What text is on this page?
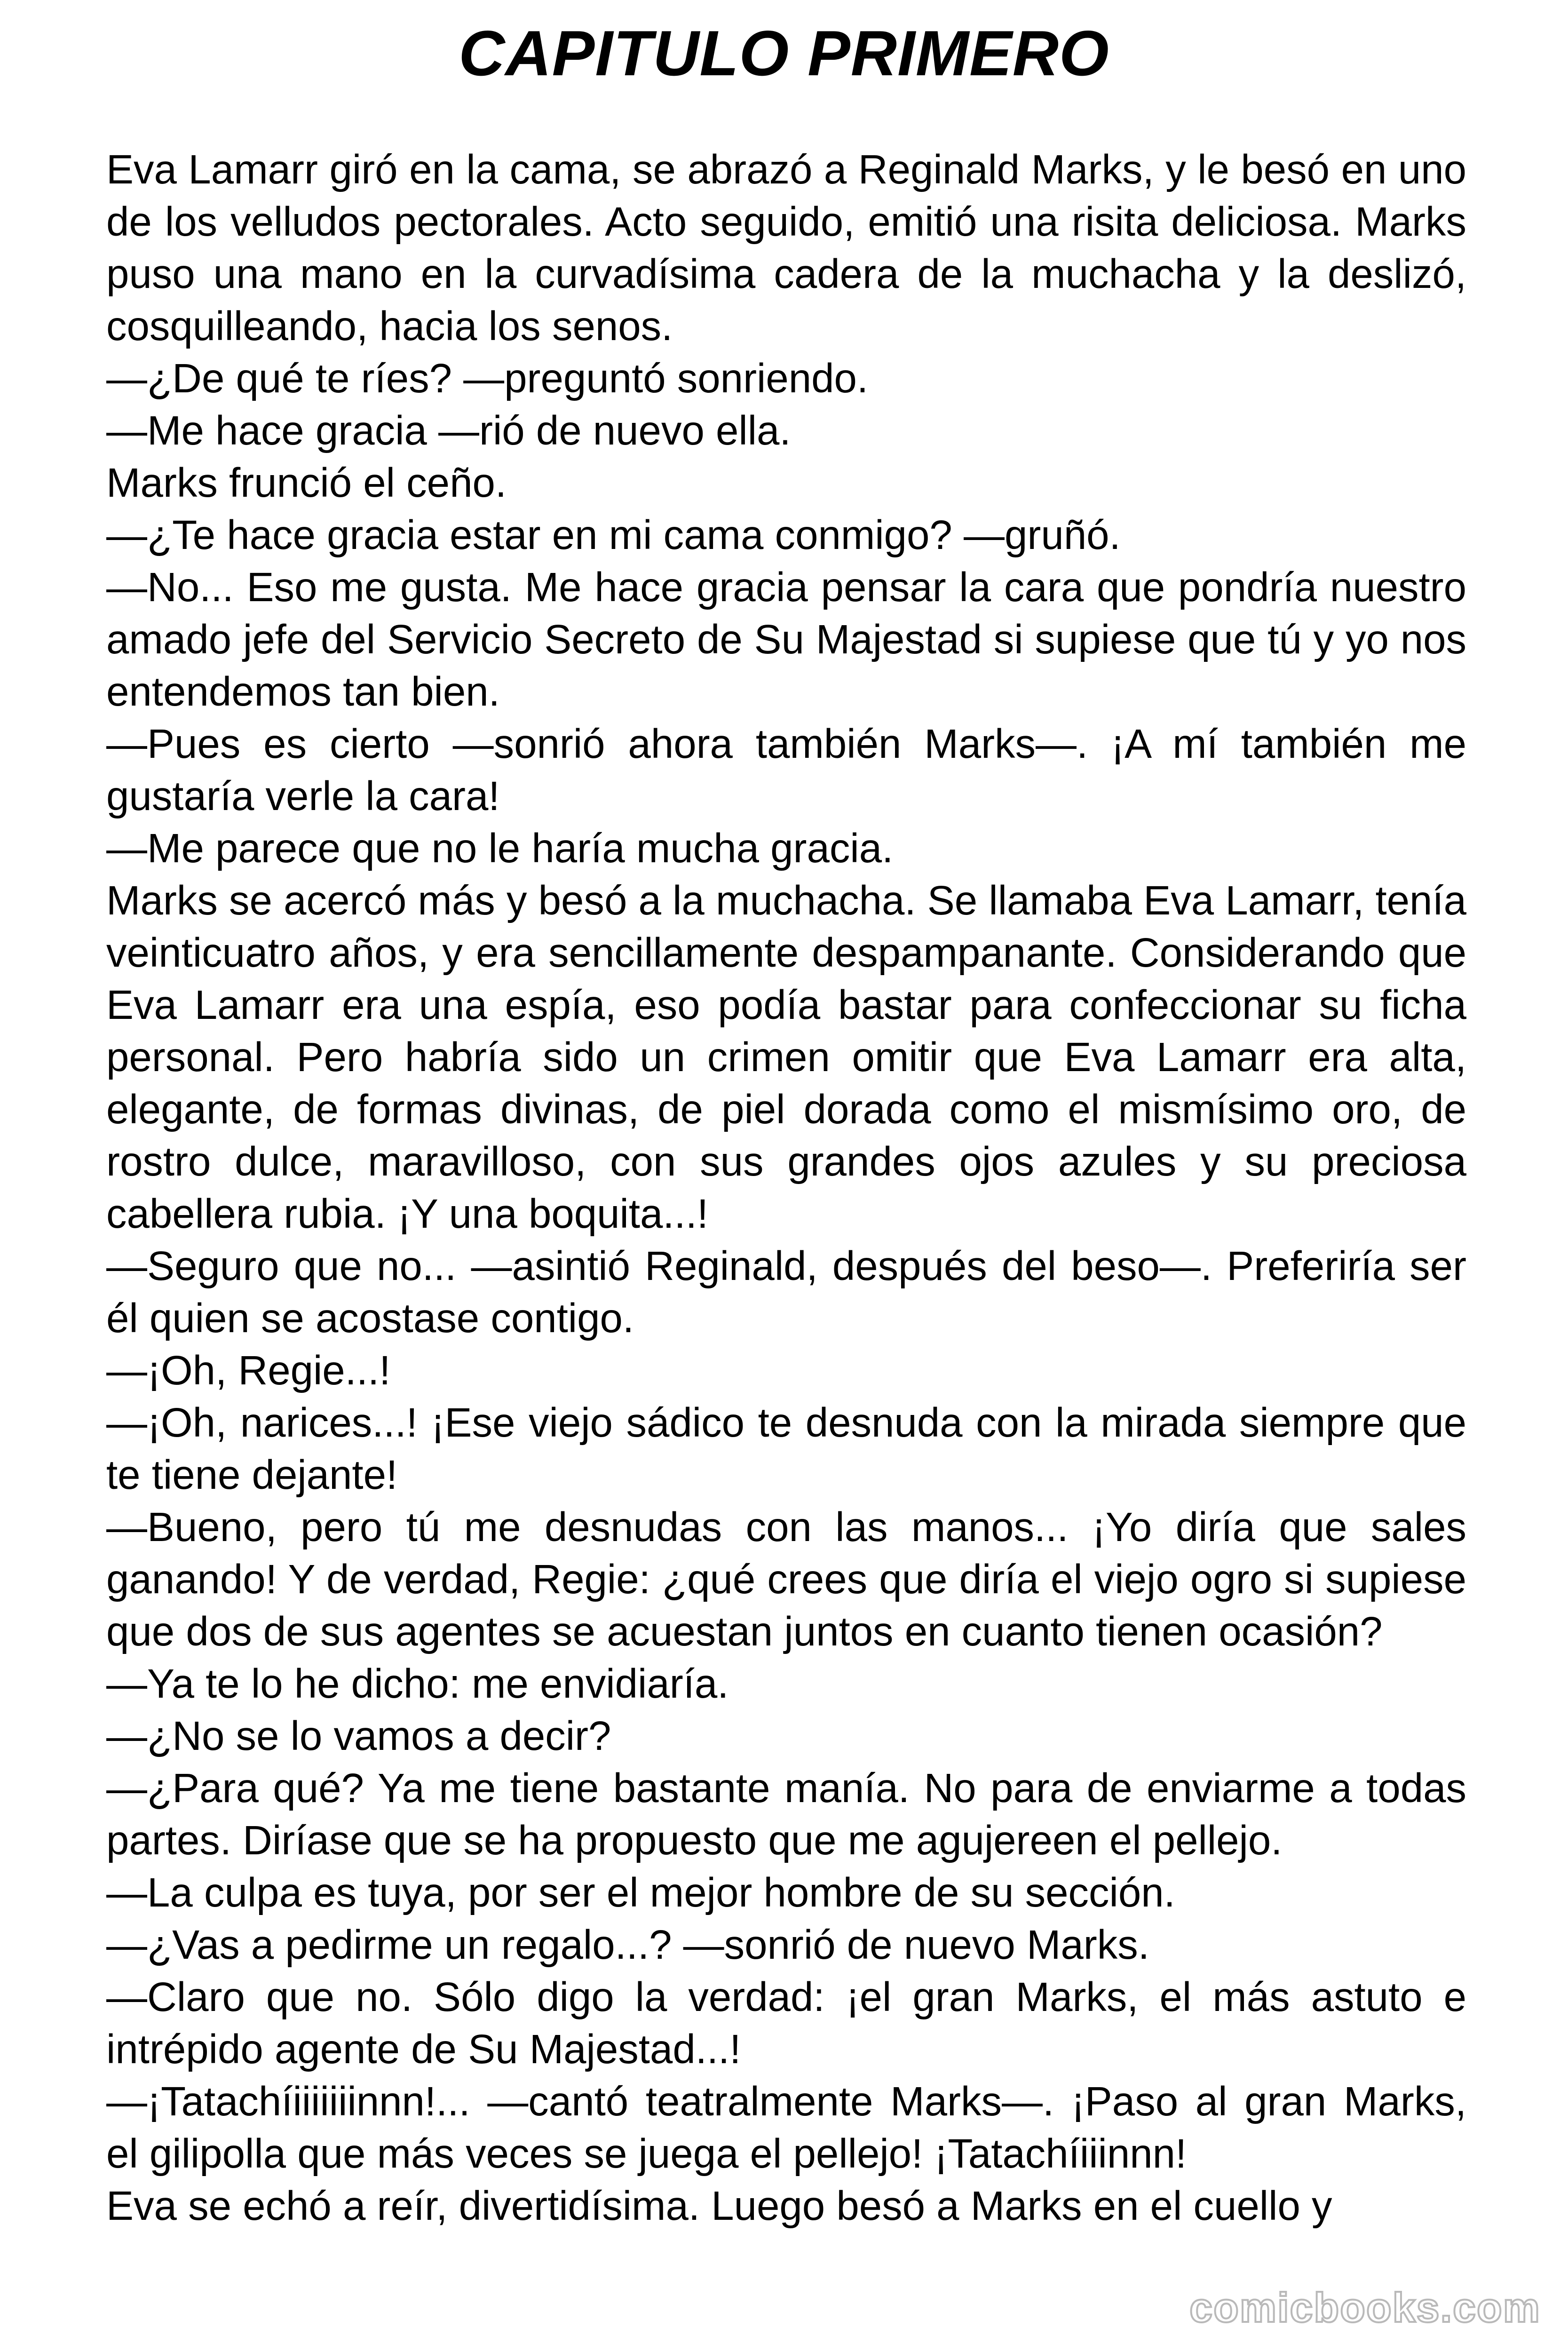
CAPITULO PRIMERO

Eva Lamarr giró en la cama, se abrazó a Reginald Marks, y le besó en uno de los velludos pectorales. Acto seguido, emitió una risita deliciosa. Marks puso una mano en la curvadísima cadera de la muchacha y la deslizó, cosquilleando, hacia los senos.

—¿De qué te ríes? —preguntó sonriendo.

—Me hace gracia —rió de nuevo ella.

Marks frunció el ceño.

—¿Te hace gracia estar en mi cama conmigo? —gruñó.

—No... Eso me gusta. Me hace gracia pensar la cara que pondría nuestro amado jefe del Servicio Secreto de Su Majestad si supiese que tú y yo nos entendemos tan bien.

—Pues es cierto —sonrió ahora también Marks—. ¡A mí también me gustaría verle la cara!

—Me parece que no le haría mucha gracia.

Marks se acercó más y besó a la muchacha. Se llamaba Eva Lamarr, tenía veinticuatro años, y era sencillamente despampanante. Considerando que Eva Lamarr era una espía, eso podía bastar para confeccionar su ficha personal. Pero habría sido un crimen omitir que Eva Lamarr era alta, elegante, de formas divinas, de piel dorada como el mismísimo oro, de rostro dulce, maravilloso, con sus grandes ojos azules y su preciosa cabellera rubia. ¡Y una boquita...!

—Seguro que no... —asintió Reginald, después del beso—. Preferiría ser él quien se acostase contigo.

—¡Oh, Regie...!

—¡Oh, narices...! ¡Ese viejo sádico te desnuda con la mirada siempre que te tiene dejante!

—Bueno, pero tú me desnudas con las manos... ¡Yo diría que sales ganando! Y de verdad, Regie: ¿qué crees que diría el viejo ogro si supiese que dos de sus agentes se acuestan juntos en cuanto tienen ocasión?

—Ya te lo he dicho: me envidiaría.

—¿No se lo vamos a decir?

—¿Para qué? Ya me tiene bastante manía. No para de enviarme a todas partes. Diríase que se ha propuesto que me agujereen el pellejo.

—La culpa es tuya, por ser el mejor hombre de su sección.

—¿Vas a pedirme un regalo...? —sonrió de nuevo Marks.

—Claro que no. Sólo digo la verdad: ¡el gran Marks, el más astuto e intrépido agente de Su Majestad...!

—¡Tatachíiiiiiiinnn!... —cantó teatralmente Marks—. ¡Paso al gran Marks, el gilipolla que más veces se juega el pellejo! ¡Tatachíiiinnn!

Eva se echó a reír, divertidísima. Luego besó a Marks en el cuello y

comicbooks.com
